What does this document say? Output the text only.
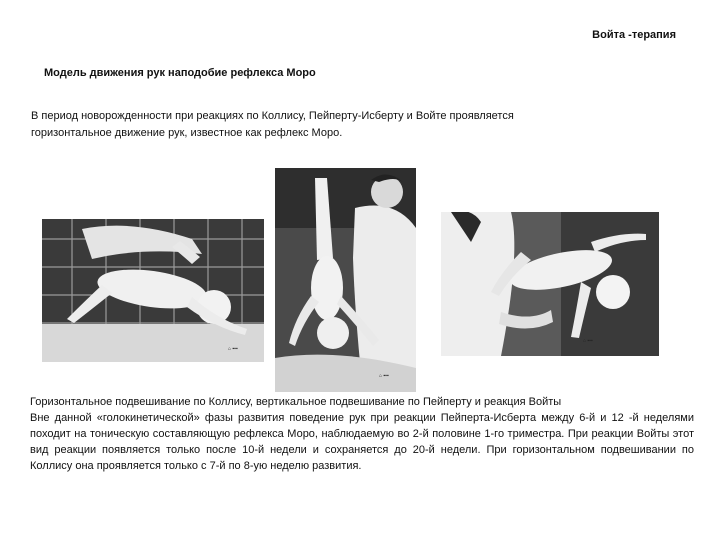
Войта -терапия
Модель движения рук наподобие рефлекса Моро
В период новорожденности при реакциях по Коллису, Пейперту-Исберту и Войте проявляется
горизонтальное движение рук, известное как рефлекс Моро.
⌂ ▪▪▪
⌂ ▪▪▪
⌂ ▪▪▪

Горизонтальное подвешивание по Коллису, вертикальное подвешивание по Пейперту и реакция Войты

Вне данной «голокинетической» фазы развития поведение рук при реакции Пейперта-Исберта между 6-й и 12 -й неделями походит на тоническую составляющую рефлекса Моро, наблюдаемую во 2-й половине 1-го триместра. При реакции Войты этот вид реакции появляется только после 10-й недели и сохраняется до 20-й недели. При горизонтальном подвешивании по Коллису она проявляется только с 7-й по 8-ую неделю развития.
